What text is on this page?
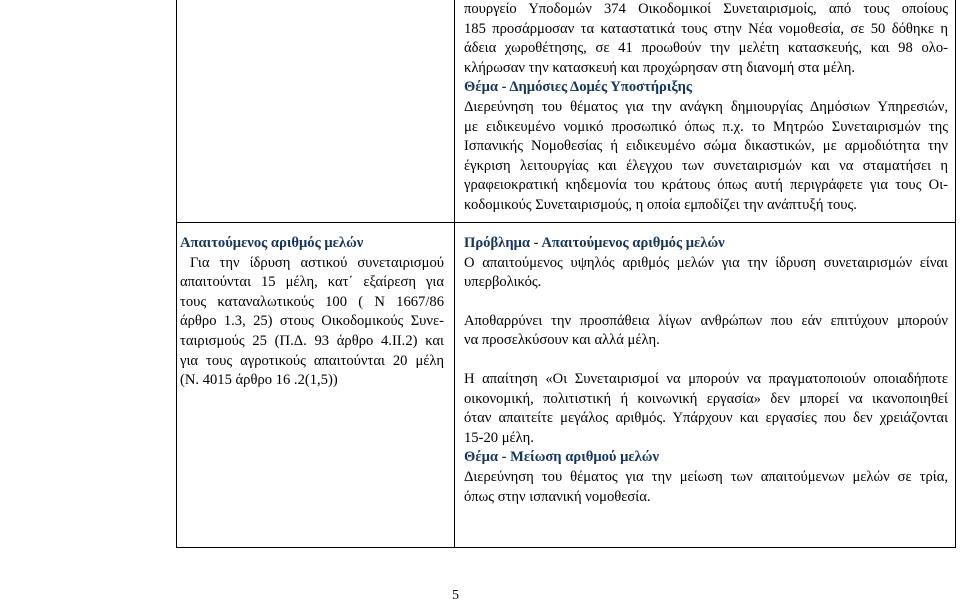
πουργείο Υποδομών 374 Οικοδομικοί Συνεταιρισμοίς, από τους οποίους
185 προσάρμοσαν τα καταστατικά τους στην Νέα νομοθεσία, σε 50 δόθηκε η
άδεια χωροθέτησης, σε 41 προωθούν την μελέτη κατασκευής, και 98 ολο-
κλήρωσαν την κατασκευή και προχώρησαν στη διανομή στα μέλη.
Θέμα - Δημόσιες Δομές Υποστήριξης
Διερεύνηση του θέματος για την ανάγκη δημιουργίας Δημόσιων Υπηρεσιών,
με ειδικευμένο νομικό προσωπικό όπως π.χ. το Μητρώο Συνεταιρισμών της
Ισπανικής Νομοθεσίας ή ειδικευμένο σώμα δικαστικών, με αρμοδιότητα την
έγκριση λειτουργίας και έλεγχου των συνεταιρισμών και να σταματήσει η
γραφειοκρατική κηδεμονία του κράτους όπως αυτή περιγράφετε για τους Οι-
κοδομικούς Συνεταιρισμούς, η οποία εμποδίζει την ανάπτυξή τους.
Απαιτούμενος αριθμός μελών
Για την ίδρυση αστικού συνεταιρισμού
απαιτούνται 15 μέλη, κατ΄ εξαίρεση για
τους καταναλωτικούς 100 ( Ν 1667/86
άρθρο 1.3, 25) στους Οικοδομικούς Συνε-
ταιρισμούς 25 (Π.Δ. 93 άρθρο 4.ΙΙ.2) και
για τους αγροτικούς απαιτούνται 20 μέλη
(Ν. 4015 άρθρο 16 .2(1,5))
Πρόβλημα - Απαιτούμενος αριθμός μελών
Ο απαιτούμενος υψηλός αριθμός μελών για την ίδρυση συνεταιρισμών είναι
υπερβολικός.
Αποθαρρύνει την προσπάθεια λίγων ανθρώπων που εάν επιτύχουν μπορούν
να προσελκύσουν και αλλά μέλη.
Η απαίτηση «Οι Συνεταιρισμοί να μπορούν να πραγματοποιούν οποιαδήποτε
οικονομική, πολιτιστική ή κοινωνική εργασία» δεν μπορεί να ικανοποιηθεί
όταν απαιτείτε μεγάλος αριθμός. Υπάρχουν και εργασίες που δεν χρειάζονται
15-20 μέλη.
Θέμα - Μείωση αριθμού μελών
Διερεύνηση του θέματος για την μείωση των απαιτούμενων μελών σε τρία,
όπως στην ισπανική νομοθεσία.
5
